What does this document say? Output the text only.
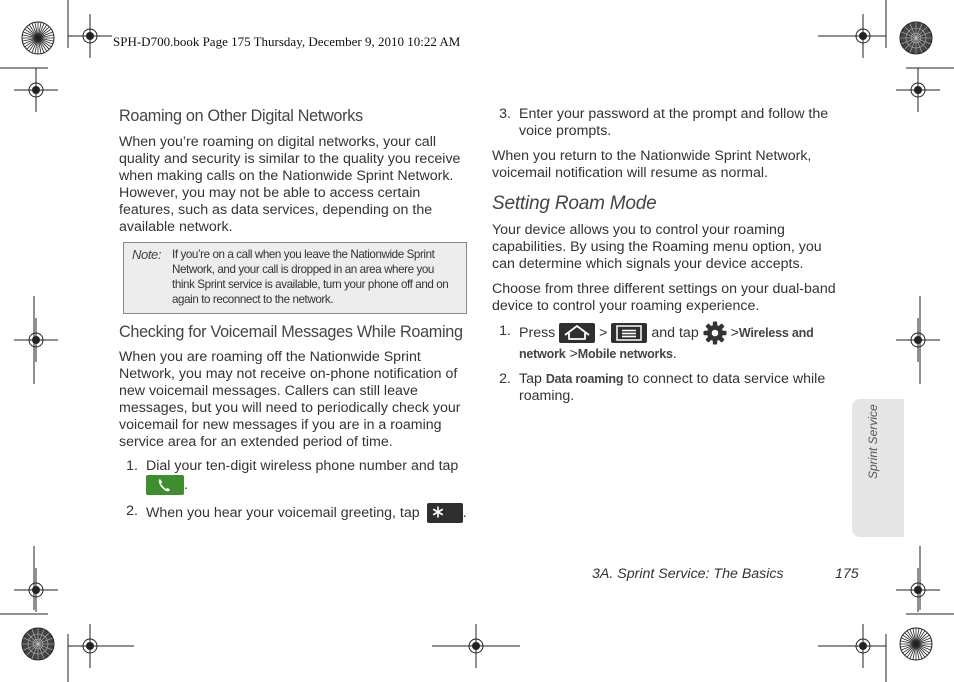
SPH-D700.book Page 175 Thursday, December 9, 2010 10:22 AM
Roaming on Other Digital Networks

When you’re roaming on digital networks, your call quality and security is similar to the quality you receive when making calls on the Nationwide Sprint Network. However, you may not be able to access certain features, such as data services, depending on the available network.

Note: If you’re on a call when you leave the Nationwide Sprint Network, and your call is dropped in an area where you think Sprint service is available, turn your phone off and on again to reconnect to the network.
Checking for Voicemail Messages While Roaming

When you are roaming off the Nationwide Sprint Network, you may not receive on-phone notification of new voicemail messages. Callers can still leave messages, but you will need to periodically check your voicemail for new messages if you are in a roaming service area for an extended period of time.

1. Dial your ten-digit wireless phone number and tap

.
2. When you hear your voicemail greeting, tap	.
3. Enter your password at the prompt and follow the voice prompts.

When you return to the Nationwide Sprint Network, voicemail notification will resume as normal.

Setting Roam Mode

Your device allows you to control your roaming capabilities. By using the Roaming menu option, you can determine which signals your device accepts.

Choose from three different settings on your dual-band device to control your roaming experience.

1. Press	>	and tap >Wireless and network >Mobile networks.
2. Tap Data roaming to connect to data service while roaming.
3A. Sprint Service: The Basics	175
